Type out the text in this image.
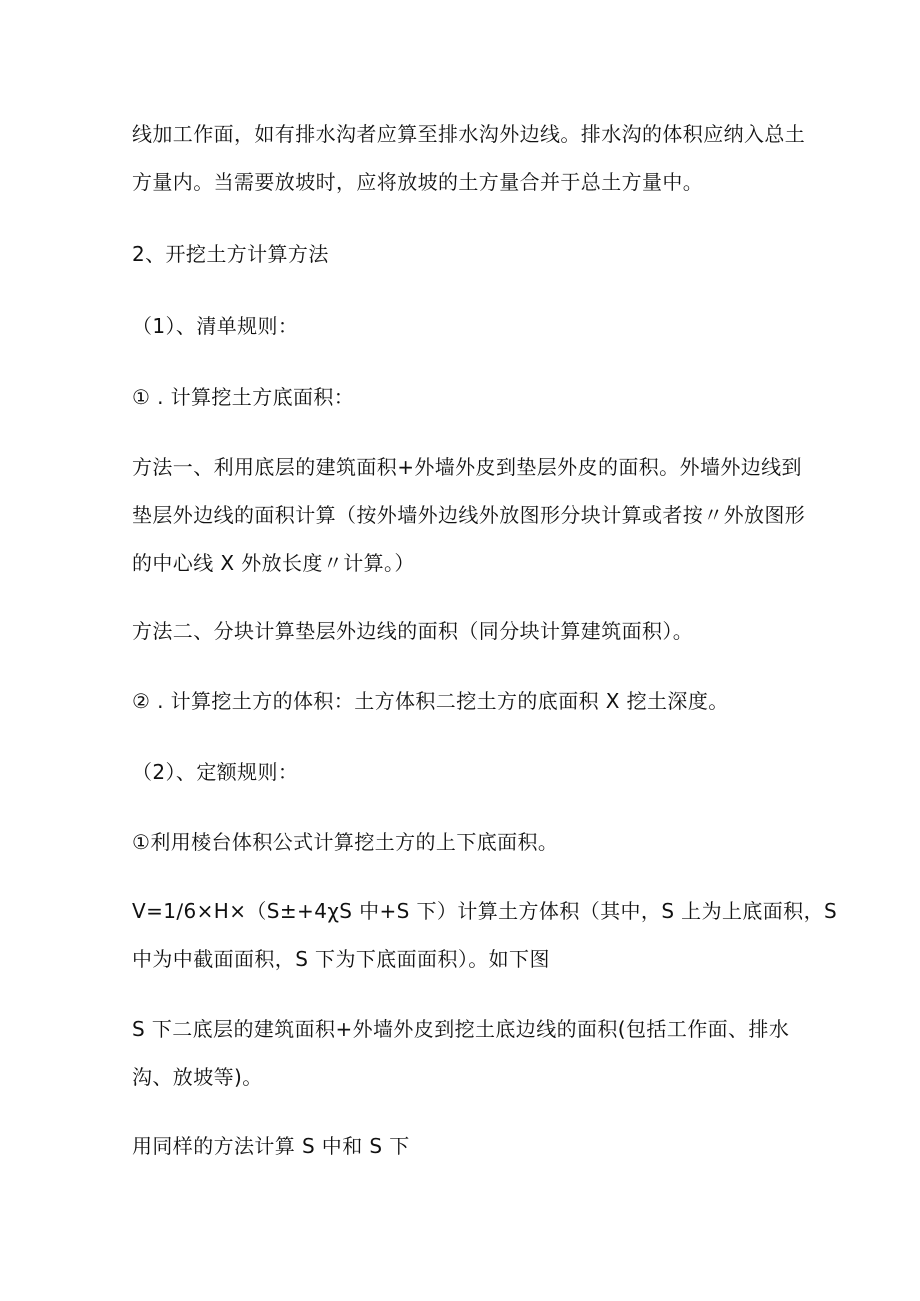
线加工作面，如有排水沟者应算至排水沟外边线。排水沟的体积应纳入总土
方量内。当需要放坡时，应将放坡的土方量合并于总土方量中。

2、开挖土方计算方法

（1）、清单规则：

① . 计算挖土方底面积：

方法一、利用底层的建筑面积+外墙外皮到垫层外皮的面积。外墙外边线到
垫层外边线的面积计算（按外墙外边线外放图形分块计算或者按〃外放图形
的中心线 X 外放长度〃计算。）

方法二、分块计算垫层外边线的面积（同分块计算建筑面积）。

② . 计算挖土方的体积：土方体积二挖土方的底面积 X 挖土深度。

（2）、定额规则：

①利用棱台体积公式计算挖土方的上下底面积。

V=1∕6×H×（S±+4χS 中+S 下）计算土方体积（其中，S 上为上底面积，S
中为中截面面积，S 下为下底面面积）。如下图

S 下二底层的建筑面积+外墙外皮到挖土底边线的面积(包括工作面、排水
沟、放坡等)。

用同样的方法计算 S 中和 S 下
